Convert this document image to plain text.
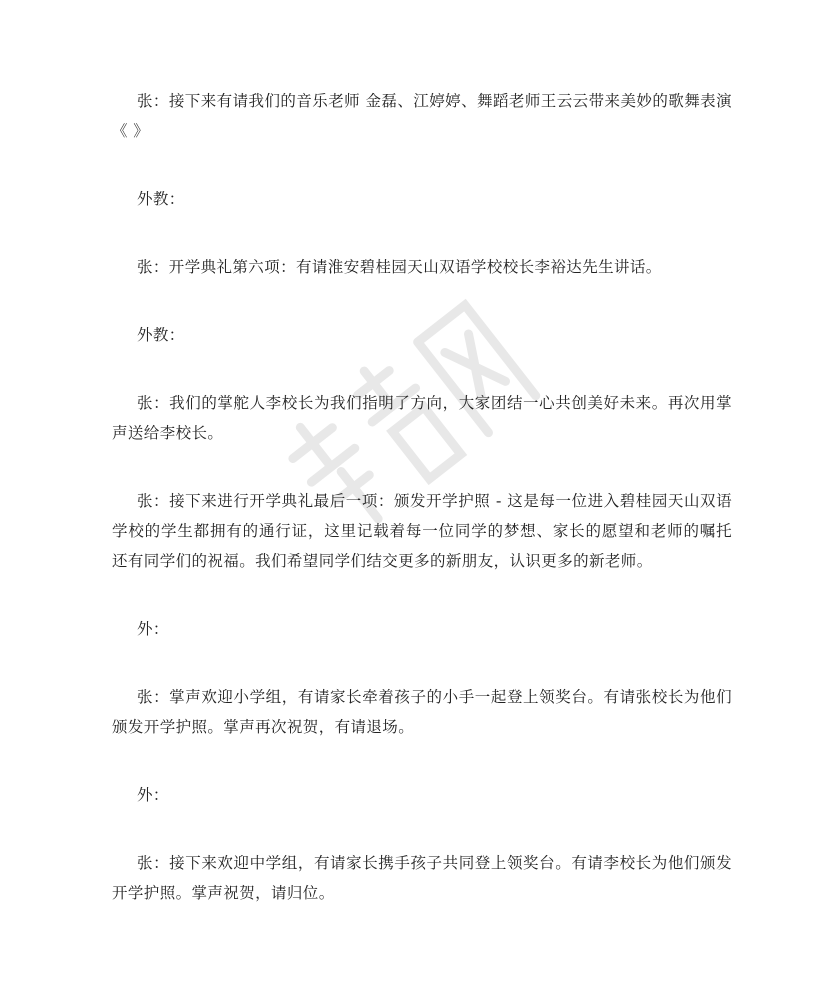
张：接下来有请我们的音乐老师 金磊、江婷婷、舞蹈老师王云云带来美妙的歌舞表演《 》

外教：

张：开学典礼第六项：有请淮安碧桂园天山双语学校校长李裕达先生讲话。

外教：

张：我们的掌舵人李校长为我们指明了方向，大家团结一心共创美好未来。再次用掌声送给李校长。

张：接下来进行开学典礼最后一项：颁发开学护照 - 这是每一位进入碧桂园天山双语学校的学生都拥有的通行证，这里记载着每一位同学的梦想、家长的愿望和老师的嘱托还有同学们的祝福。我们希望同学们结交更多的新朋友，认识更多的新老师。

外：

张：掌声欢迎小学组，有请家长牵着孩子的小手一起登上领奖台。有请张校长为他们颁发开学护照。掌声再次祝贺，有请退场。

外：

张：接下来欢迎中学组，有请家长携手孩子共同登上领奖台。有请李校长为他们颁发开学护照。掌声祝贺，请归位。
